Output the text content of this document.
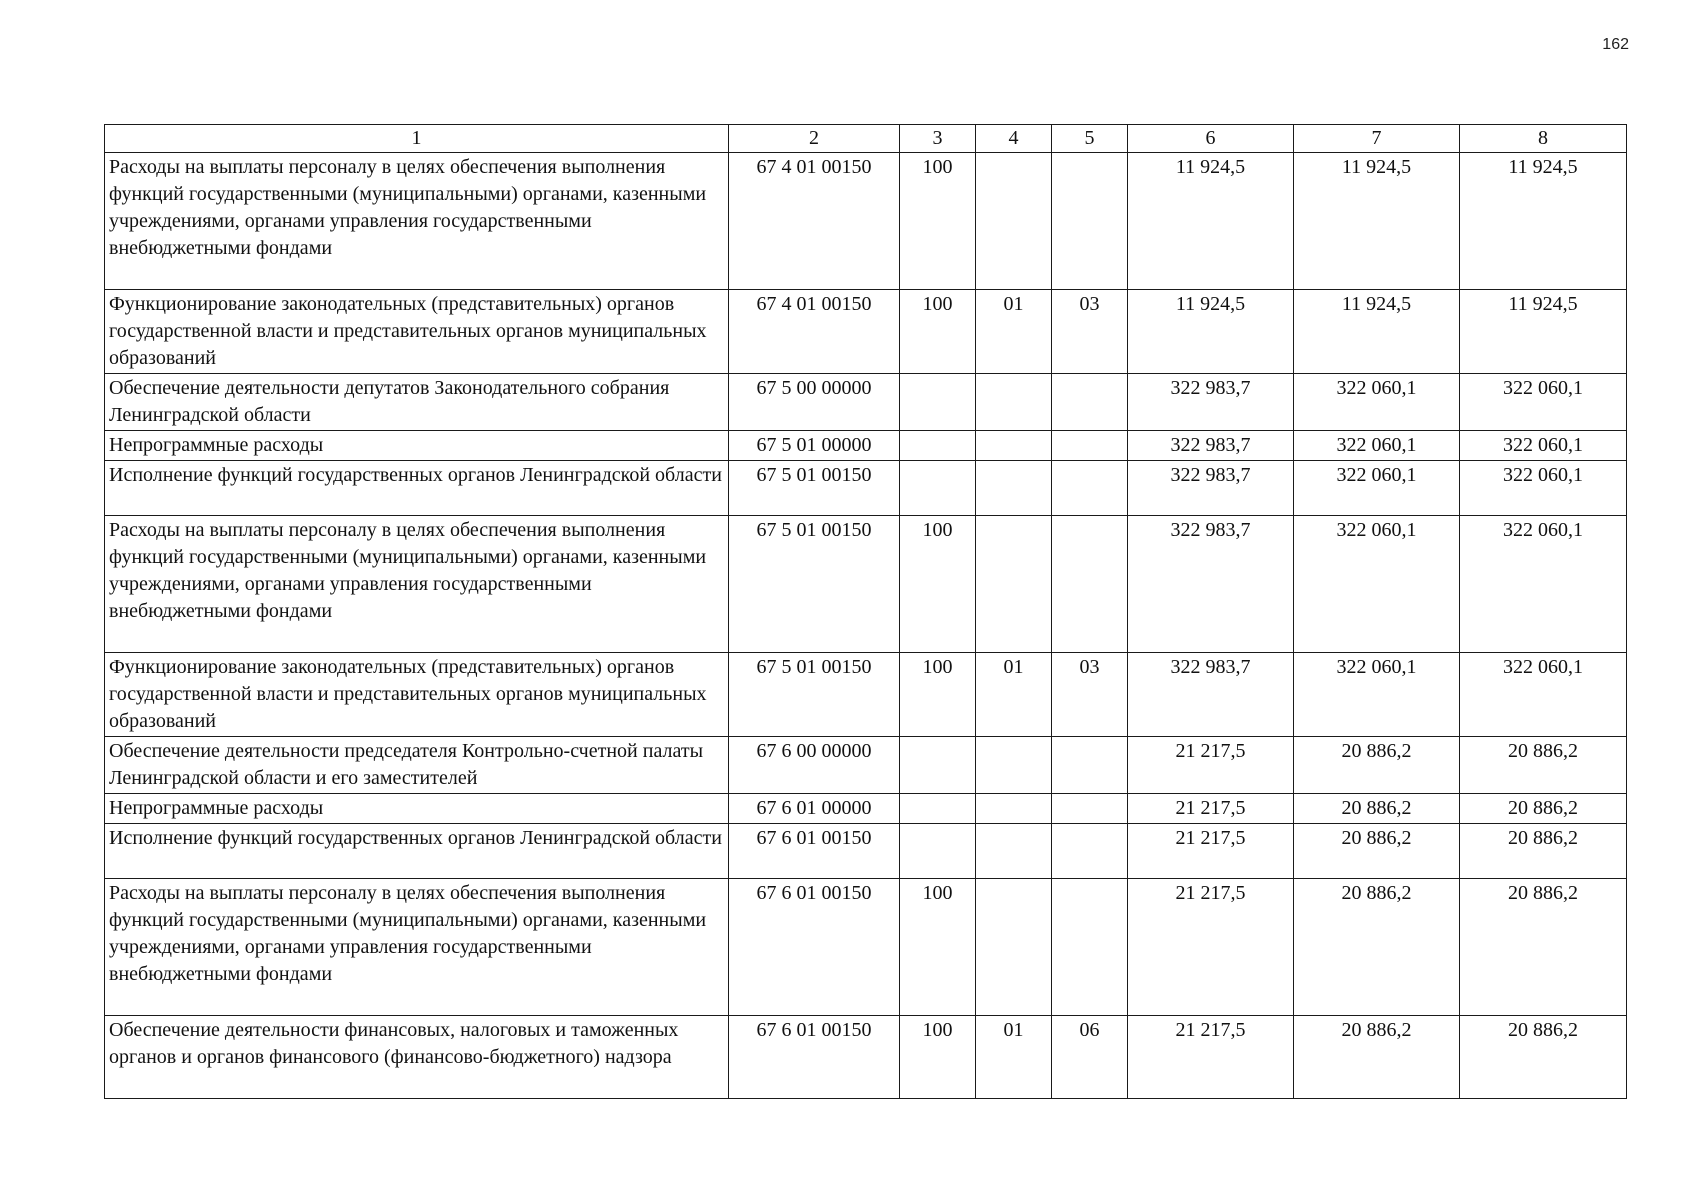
162
1	2	3	4	5	6	7	8
Расходы на выплаты персоналу в целях обеспечения выполнения функций государственными (муниципальными) органами, казенными учреждениями, органами управления государственными внебюджетными фондами	67 4 01 00150	100			11 924,5	11 924,5	11 924,5
Функционирование законодательных (представительных) органов государственной власти и представительных органов муниципальных образований	67 4 01 00150	100	01	03	11 924,5	11 924,5	11 924,5
Обеспечение деятельности депутатов Законодательного собрания Ленинградской области	67 5 00 00000				322 983,7	322 060,1	322 060,1
Непрограммные расходы	67 5 01 00000				322 983,7	322 060,1	322 060,1
Исполнение функций государственных органов Ленинградской области	67 5 01 00150				322 983,7	322 060,1	322 060,1
Расходы на выплаты персоналу в целях обеспечения выполнения функций государственными (муниципальными) органами, казенными учреждениями, органами управления государственными внебюджетными фондами	67 5 01 00150	100			322 983,7	322 060,1	322 060,1
Функционирование законодательных (представительных) органов государственной власти и представительных органов муниципальных образований	67 5 01 00150	100	01	03	322 983,7	322 060,1	322 060,1
Обеспечение деятельности председателя Контрольно-счетной палаты Ленинградской области и его заместителей	67 6 00 00000				21 217,5	20 886,2	20 886,2
Непрограммные расходы	67 6 01 00000				21 217,5	20 886,2	20 886,2
Исполнение функций государственных органов Ленинградской области	67 6 01 00150				21 217,5	20 886,2	20 886,2
Расходы на выплаты персоналу в целях обеспечения выполнения функций государственными (муниципальными) органами, казенными учреждениями, органами управления государственными внебюджетными фондами	67 6 01 00150	100			21 217,5	20 886,2	20 886,2
Обеспечение деятельности финансовых, налоговых и таможенных органов и органов финансового (финансово-бюджетного) надзора	67 6 01 00150	100	01	06	21 217,5	20 886,2	20 886,2
